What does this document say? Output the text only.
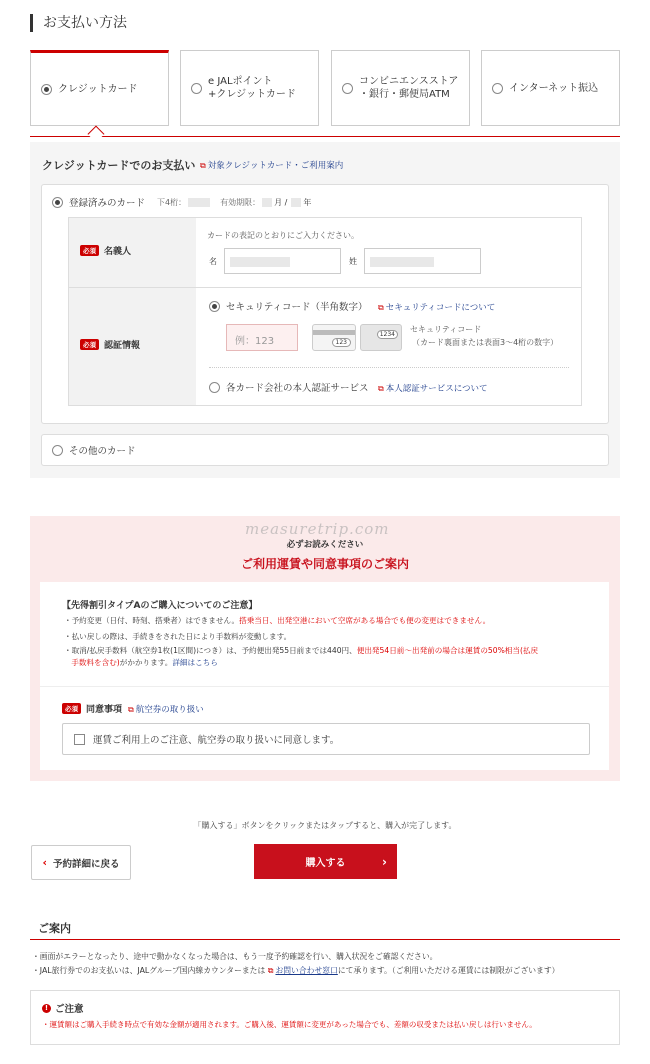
お支払い方法
クレジットカード
e JALポイント
+クレジットカード
コンビニエンスストア
・銀行・郵便局ATM
インターネット振込
クレジットカードでのお支払い ⧉ 対象クレジットカード・ご利用案内
登録済みのカード 下4桁：	有効期限： 月 / 年
必須 名義人
カードの表記のとおりにご入力ください。
名	姓
必須 認証情報
セキュリティコード（半角数字） ⧉ セキュリティコードについて
例：123	123
1234
セキュリティコード
（カード裏面または表面3〜4桁の数字）
各カード会社の本人認証サービス ⧉ 本人認証サービスについて
その他のカード
measuretrip.com
必ずお読みください
ご利用運賃や同意事項のご案内
【先得割引タイプAのご購入についてのご注意】
・予約変更（日付、時刻、搭乗者）はできません。搭乗当日、出発空港において空席がある場合でも便の変更はできません。
・払い戻しの際は、手続きをされた日により手数料が変動します。
・取消/払戻手数料（航空券1枚(1区間)につき）は、予約便出発55日前までは440円、便出発54日前〜出発前の場合は運賃の50%相当(払戻
手数料を含む)がかかります。詳細はこちら
必須 同意事項 ⧉ 航空券の取り扱い
運賃ご利用上のご注意、航空券の取り扱いに同意します。
「購入する」ボタンをクリックまたはタップすると、購入が完了します。
‹ 予約詳細に戻る	購入する	›
ご案内
・画面がエラーとなったり、途中で動かなくなった場合は、もう一度予約確認を行い、購入状況をご確認ください。
・JAL旅行券でのお支払いは、JALグループ国内線カウンターまたは ⧉ お問い合わせ窓口にて承ります。（ご利用いただける運賃には制限がございます）
! ご注意
・運賃額はご購入手続き時点で有効な金額が適用されます。ご購入後、運賃額に変更があった場合でも、差額の収受または払い戻しは行いません。
